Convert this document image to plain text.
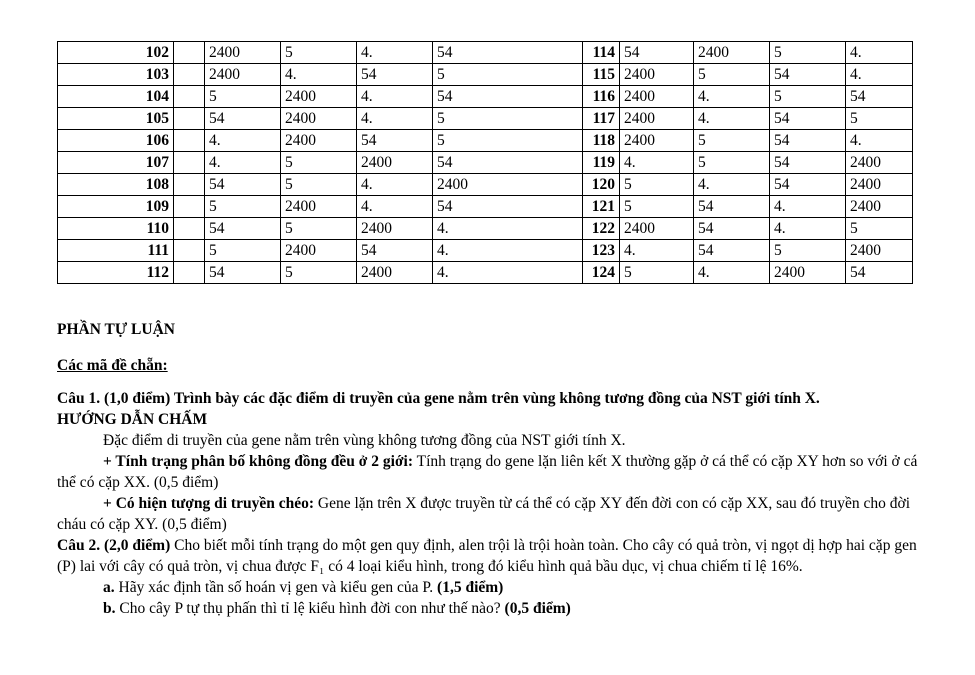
102		2400	5	4.	54	114	54	2400	5	4.
103		2400	4.	54	5	115	2400	5	54	4.
104		5	2400	4.	54	116	2400	4.	5	54
105		54	2400	4.	5	117	2400	4.	54	5
106		4.	2400	54	5	118	2400	5	54	4.
107		4.	5	2400	54	119	4.	5	54	2400
108		54	5	4.	2400	120	5	4.	54	2400
109		5	2400	4.	54	121	5	54	4.	2400
110		54	5	2400	4.	122	2400	54	4.	5
111		5	2400	54	4.	123	4.	54	5	2400
112		54	5	2400	4.	124	5	4.	2400	54

PHẦN TỰ LUẬN

Các mã đề chẵn:

Câu 1. (1,0 điểm) Trình bày các đặc điểm di truyền của gene nằm trên vùng không tương đồng của NST giới tính X.

HƯỚNG DẪN CHẤM

Đặc điểm di truyền của gene nằm trên vùng không tương đồng của NST giới tính X.

+ Tính trạng phân bố không đồng đều ở 2 giới: Tính trạng do gene lặn liên kết X thường gặp ở cá thể có cặp XY hơn so với ở cá thể có cặp XX. (0,5 điểm)

+ Có hiện tượng di truyền chéo: Gene lặn trên X được truyền từ cá thể có cặp XY đến đời con có cặp XX, sau đó truyền cho đời cháu có cặp XY. (0,5 điểm)

Câu 2. (2,0 điểm) Cho biết mỗi tính trạng do một gen quy định, alen trội là trội hoàn toàn. Cho cây có quả tròn, vị ngọt dị hợp hai cặp gen (P) lai với cây có quả tròn, vị chua được F₁ có 4 loại kiểu hình, trong đó kiểu hình quả bầu dục, vị chua chiếm tỉ lệ 16%.

a. Hãy xác định tần số hoán vị gen và kiểu gen của P. (1,5 điểm)

b. Cho cây P tự thụ phấn thì tỉ lệ kiểu hình đời con như thế nào? (0,5 điểm)
